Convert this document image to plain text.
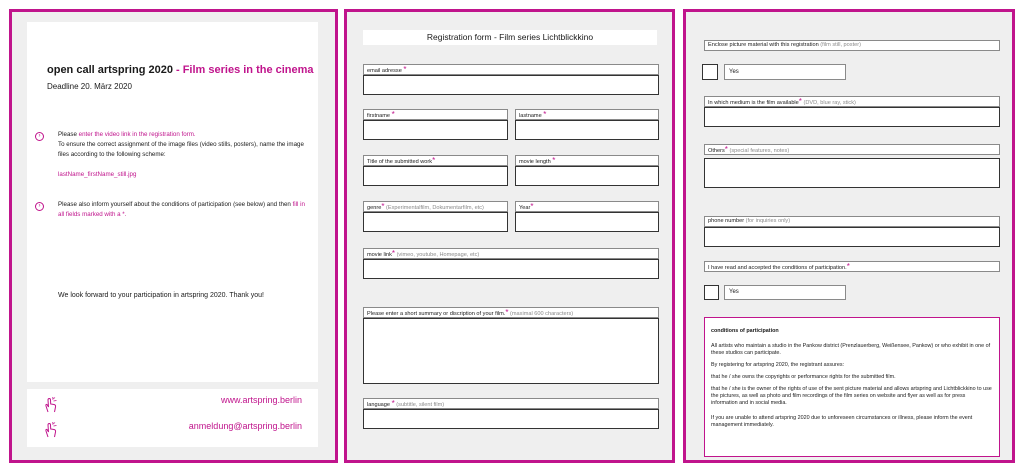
open call artspring 2020 - Film series in the cinema
Deadline 20. März 2020
›	Please enter the video link in the registration form.
To ensure the correct assignment of the image files (video stills, posters), name the image files according to the following scheme:
lastName_firstName_still.jpg
›	Please also inform yourself about the conditions of participation (see below) and then fill in all fields marked with a *.
We look forward to your participation in artspring 2020. Thank you!
www.artspring.berlin
anmeldung@artspring.berlin
Registration form - Film series Lichtblickkino
email adresse *
firstname *	lastname *
Title of the submitted work*	movie length *
genre* (Experimentalfilm, Dokumentarfilm, etc)	Year*
movie link* (vimeo, youtube, Homepage, etc)
Please enter a short summary or discription of your film.* (maximal 600 characters)
language * (subtitle, silent film)
Enclose picture material with this registration (film still, poster)
Yes
In which medium is the film available* (DVD, blue ray, stick)
Others* (special features, notes)
phone number (for inquiries only)
I have read and accepted the conditions of participation.*
Yes

conditions of participation

All artists who maintain a studio in the Pankow district (Prenzlauerberg, Weißensee, Pankow) or who exhibit in one of these studios can participate.

By registering for artspring 2020, the registrant assures:

that he / she owns the copyrights or performance rights for the submitted film.

that he / she is the owner of the rights of use of the sent picture material and allows artspring and Lichtblickkino to use the pictures, as well as photo and film recordings of the film series on website and flyer as well as for press information and in social media.

If you are unable to attend artspring 2020 due to unforeseen circumstances or illness, please inform the event management immediately.
